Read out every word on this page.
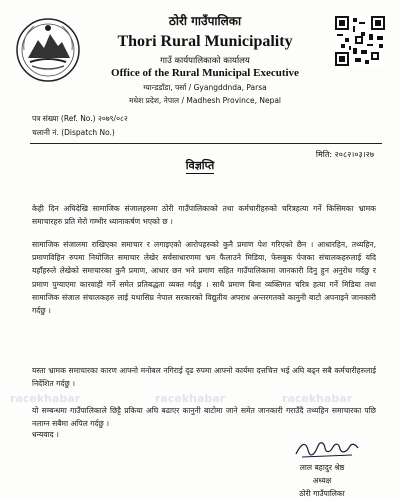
ठोरी गाउँपालिका
Thori Rural Municipality
गाउँ कार्यपालिकाको कार्यालय
Office of the Rural Municipal Executive
ग्यान्डडाँडा, पर्सा / Gyangddnda, Parsa
मधेश प्रदेश, नेपाल / Madhesh Province, Nepal
पत्र संख्या (Ref. No.) २०७९/०८२
चलानी नं. (Dispatch No.)
मिति: २०८२।०३।२७
विज्ञप्ति
racekhabar	racekhabar	racekhabar
केही दिन अघिदेखि सामाजिक संजालहरुमा ठोरी गाउँपालिकाको तथा कर्मचारीहरुको चरित्रहत्या गर्ने किसिमका भ्रामक समाचारहरु प्रति मेरो गम्भीर ध्यानाकर्षण भएको छ ।
सामाजिक संजालमा राखिएका समाचार र लगाइएको आरोपहरुको कुनै प्रमाण पेश गरिएको छैन । आधारहिन, तथ्यहिन, प्रमाणविहिन रुपमा नियोजित समाचार लेखेर सर्वसाधारणमा भ्रम फैलाउने मिडिया, फेसबुक पेजका संचालकहरुलाई यदि यहाँहरुले लेखेको समाचारका कुनै प्रमाण, आधार छन भने प्रमाण सहित गाउँपालिकामा जानकारी दिनु हुन अनुरोध गर्दछु र प्रमाण पुग्याएमा कारवाही गर्ने समेत प्रतिबद्धता व्यक्त गर्दछु । साथै प्रमाण बिना व्यक्तिगत चरित्र हत्या गर्ने मिडिया तथा सामाजिक संजाल संचालकहरु लाई यथासिघ्र नेपाल सरकारको विद्युतीय अपराध अन्तरगतको कानुनी बाटो अपनाइने जानकारी गर्दछु ।
यस्ता भ्रामक समाचारका कारण आफ्नो मनोबल नगिराई दृढ रुपमा आफ्नो कार्यमा दत्तचित्त भई अघि बढ्न सबै कर्मचारीहरुलाई निर्देशित गर्दछु ।
यो सम्बन्धमा गाउँपालिकाले छिट्टै प्रकिया अघि बढाएर कानुनी बाटोमा जाने समेत जानकारी गराउँदै तथ्यहिन समाचारका पछि नलाग्न सबैमा अपिल गर्दछु ।
धन्यवाद ।
लाल बहादुर श्रेष्ठ
अध्यक्ष
ठोरी गाउँपालिका
